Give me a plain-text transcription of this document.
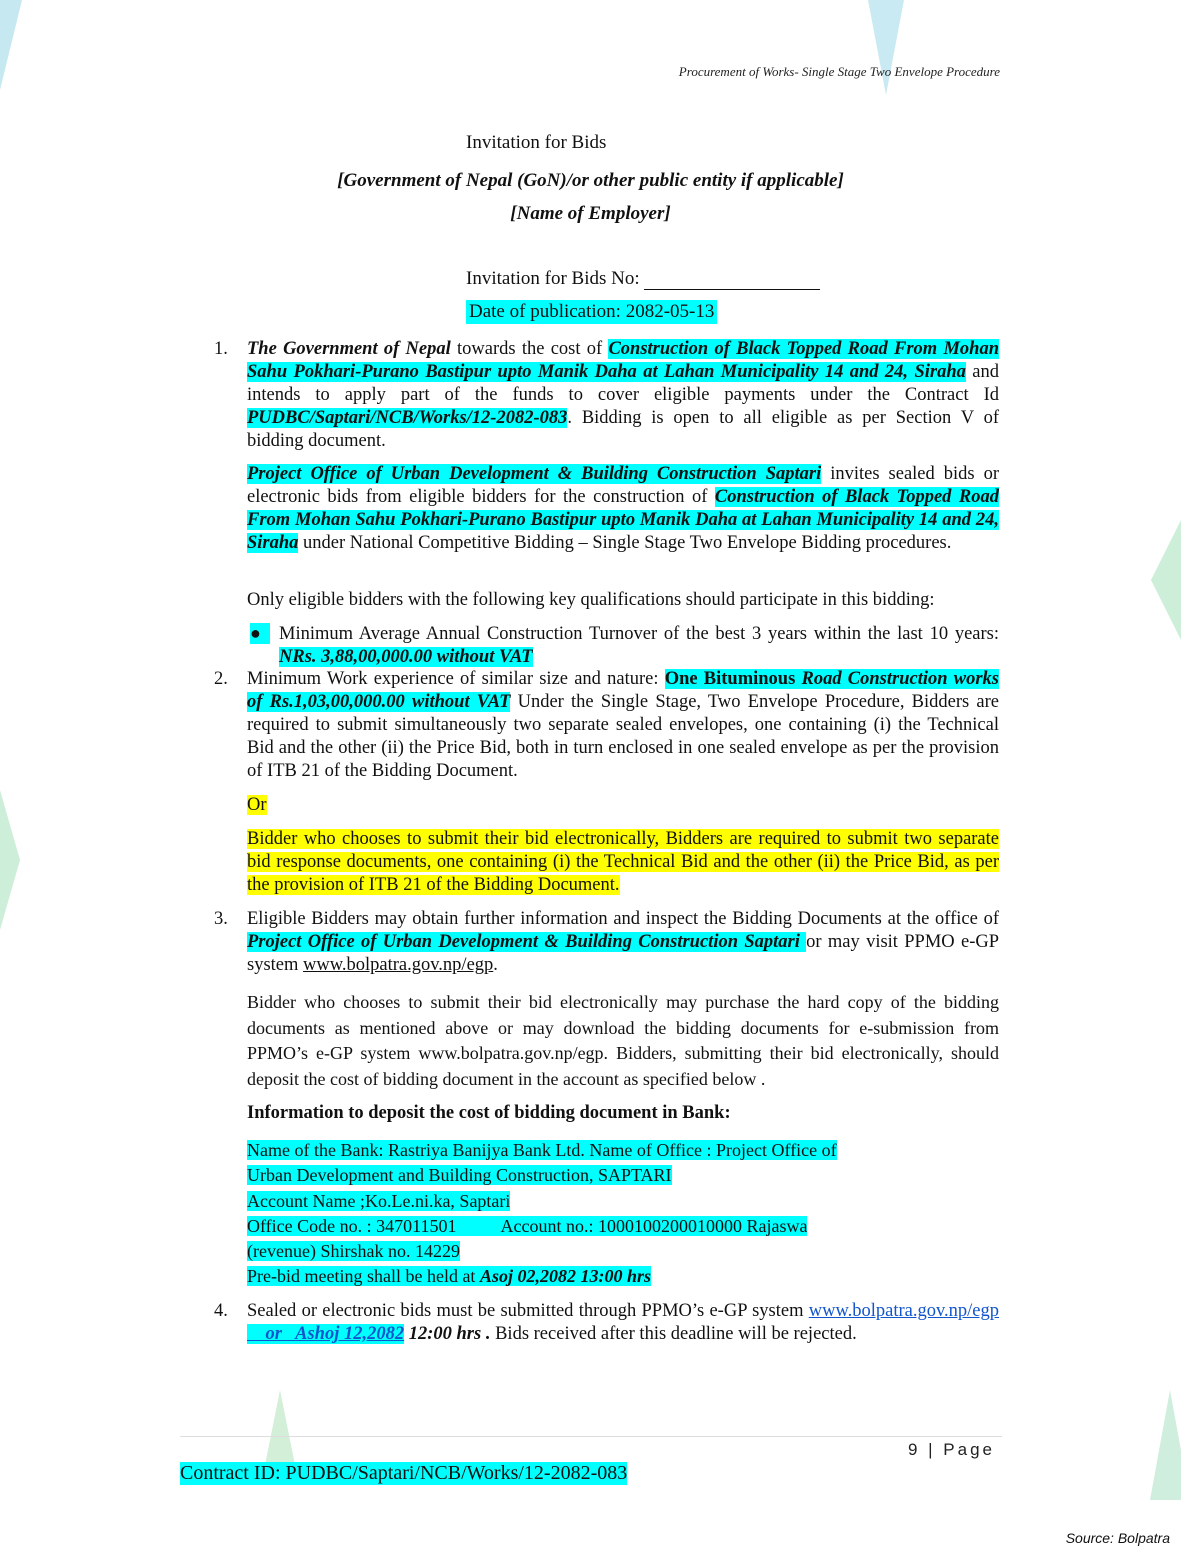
Procurement of Works- Single Stage Two Envelope Procedure
Invitation for Bids
[Government of Nepal (GoN)/or other public entity if applicable]
[Name of Employer]
Invitation for Bids No:
Date of publication: 2082-05-13
1. The Government of Nepal towards the cost of Construction of Black Topped Road From Mohan Sahu Pokhari-Purano Bastipur upto Manik Daha at Lahan Municipality 14 and 24, Siraha and intends to apply part of the funds to cover eligible payments under the Contract Id PUDBC/Saptari/NCB/Works/12-2082-083. Bidding is open to all eligible as per Section V of bidding document.
Project Office of Urban Development & Building Construction Saptari invites sealed bids or electronic bids from eligible bidders for the construction of Construction of Black Topped Road From Mohan Sahu Pokhari-Purano Bastipur upto Manik Daha at Lahan Municipality 14 and 24, Siraha under National Competitive Bidding – Single Stage Two Envelope Bidding procedures.
Only eligible bidders with the following key qualifications should participate in this bidding:
● Minimum Average Annual Construction Turnover of the best 3 years within the last 10 years: NRs. 3,88,00,000.00 without VAT
2. Minimum Work experience of similar size and nature: One Bituminous Road Construction works of Rs.1,03,00,000.00 without VAT Under the Single Stage, Two Envelope Procedure, Bidders are required to submit simultaneously two separate sealed envelopes, one containing (i) the Technical Bid and the other (ii) the Price Bid, both in turn enclosed in one sealed envelope as per the provision of ITB 21 of the Bidding Document.
Or
Bidder who chooses to submit their bid electronically, Bidders are required to submit two separate bid response documents, one containing (i) the Technical Bid and the other (ii) the Price Bid, as per the provision of ITB 21 of the Bidding Document.
3. Eligible Bidders may obtain further information and inspect the Bidding Documents at the office of Project Office of Urban Development & Building Construction Saptari or may visit PPMO e-GP system www.bolpatra.gov.np/egp.
Bidder who chooses to submit their bid electronically may purchase the hard copy of the bidding documents as mentioned above or may download the bidding documents for e-submission from PPMO’s e-GP system www.bolpatra.gov.np/egp. Bidders, submitting their bid electronically, should deposit the cost of bidding document in the account as specified below .
Information to deposit the cost of bidding document in Bank:
Name of the Bank: Rastriya Banijya Bank Ltd. Name of Office : Project Office of
Urban Development and Building Construction, SAPTARI
Account Name ;Ko.Le.ni.ka, Saptari
Office Code no. : 347011501          Account no.: 1000100200010000 Rajaswa
(revenue) Shirshak no. 14229
Pre-bid meeting shall be held at Asoj 02,2082 13:00 hrs
4. Sealed or electronic bids must be submitted through PPMO’s e-GP system www.bolpatra.gov.np/egp    or   Ashoj 12,2082 12:00 hrs . Bids received after this deadline will be rejected.
9 | Page
Contract ID: PUDBC/Saptari/NCB/Works/12-2082-083
Source: Bolpatra
